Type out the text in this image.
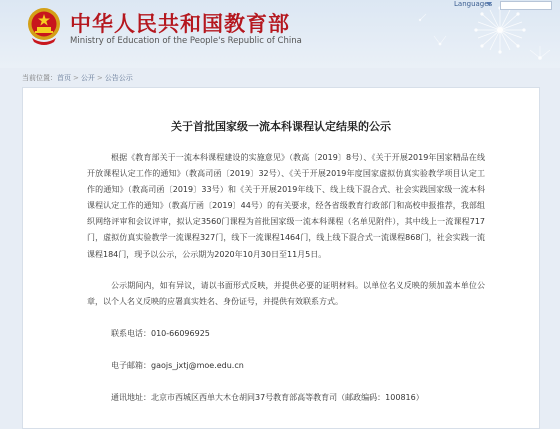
中华人民共和国教育部
Ministry of Education of the People's Republic of China
Languages
当前位置：首页 > 公开 > 公告公示
关于首批国家级一流本科课程认定结果的公示

根据《教育部关于一流本科课程建设的实施意见》（教高〔2019〕8号）、《关于开展2019年国家精品在线开放课程认定工作的通知》（教高司函〔2019〕32号）、《关于开展2019年度国家虚拟仿真实验教学项目认定工作的通知》（教高司函〔2019〕33号）和《关于开展2019年线下、线上线下混合式、社会实践国家级一流本科课程认定工作的通知》（教高厅函〔2019〕44号）的有关要求，经各省级教育行政部门和高校申报推荐，我部组织网络评审和会议评审，拟认定3560门课程为首批国家级一流本科课程（名单见附件），其中线上一流课程717门，虚拟仿真实验教学一流课程327门，线下一流课程1464门，线上线下混合式一流课程868门，社会实践一流课程184门，现予以公示，公示期为2020年10月30日至11月5日。

公示期间内，如有异议，请以书面形式反映，并提供必要的证明材料。以单位名义反映的须加盖本单位公章，以个人名义反映的应署真实姓名、身份证号，并提供有效联系方式。

联系电话：010-66096925
电子邮箱：gaojs_jxtj@moe.edu.cn
通讯地址：北京市西城区西单大木仓胡同37号教育部高等教育司（邮政编码：100816）
